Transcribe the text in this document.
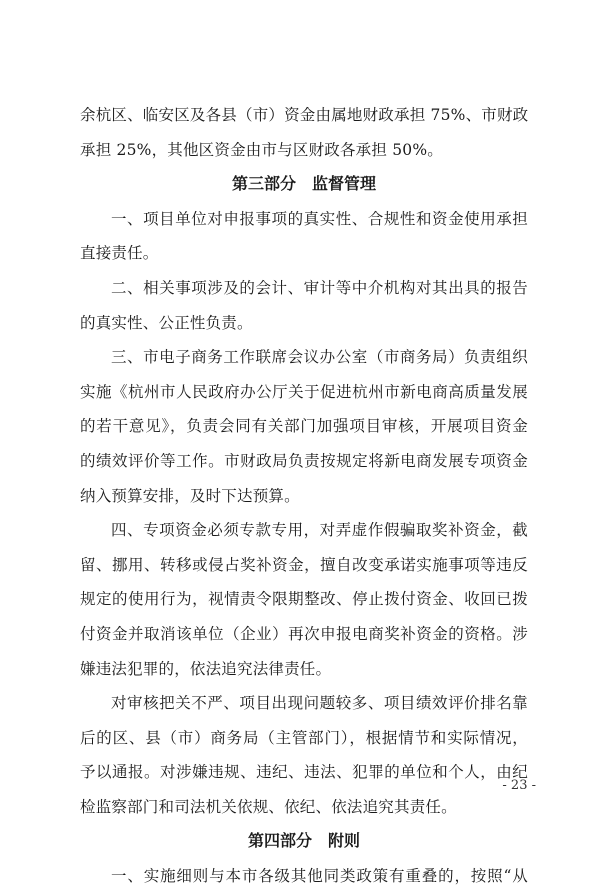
余杭区、临安区及各县（市）资金由属地财政承担 75%、市财政
承担 25%，其他区资金由市与区财政各承担 50%。
第三部分　监督管理
一、项目单位对申报事项的真实性、合规性和资金使用承担
直接责任。
二、相关事项涉及的会计、审计等中介机构对其出具的报告
的真实性、公正性负责。
三、市电子商务工作联席会议办公室（市商务局）负责组织
实施《杭州市人民政府办公厅关于促进杭州市新电商高质量发展
的若干意见》，负责会同有关部门加强项目审核，开展项目资金
的绩效评价等工作。市财政局负责按规定将新电商发展专项资金
纳入预算安排，及时下达预算。
四、专项资金必须专款专用，对弄虚作假骗取奖补资金，截
留、挪用、转移或侵占奖补资金，擅自改变承诺实施事项等违反
规定的使用行为，视情责令限期整改、停止拨付资金、收回已拨
付资金并取消该单位（企业）再次申报电商奖补资金的资格。涉
嫌违法犯罪的，依法追究法律责任。
对审核把关不严、项目出现问题较多、项目绩效评价排名靠
后的区、县（市）商务局（主管部门），根据情节和实际情况，
予以通报。对涉嫌违规、违纪、违法、犯罪的单位和个人，由纪
检监察部门和司法机关依规、依纪、依法追究其责任。
第四部分　附则
一、实施细则与本市各级其他同类政策有重叠的，按照“从
- 23 -
